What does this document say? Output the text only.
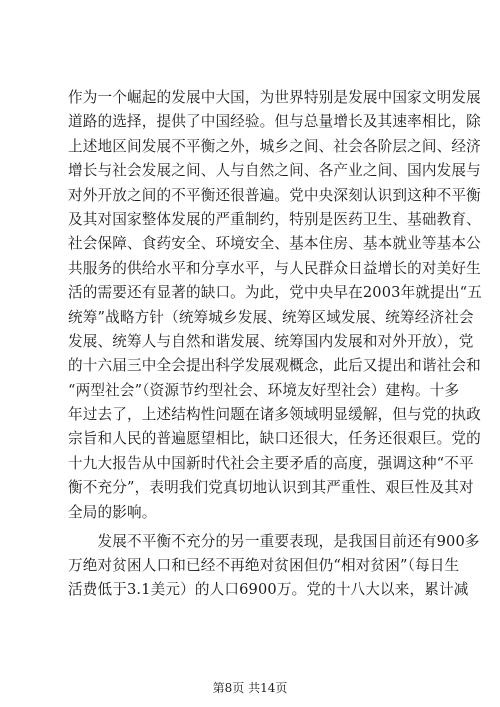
作为一个崛起的发展中大国，为世界特别是发展中国家文明发展
道路的选择，提供了中国经验。但与总量增长及其速率相比，除
上述地区间发展不平衡之外，城乡之间、社会各阶层之间、经济
增长与社会发展之间、人与自然之间、各产业之间、国内发展与
对外开放之间的不平衡还很普遍。党中央深刻认识到这种不平衡
及其对国家整体发展的严重制约，特别是医药卫生、基础教育、
社会保障、食药安全、环境安全、基本住房、基本就业等基本公
共服务的供给水平和分享水平，与人民群众日益增长的对美好生
活的需要还有显著的缺口。为此，党中央早在2003年就提出“五
统筹”战略方针（统筹城乡发展、统筹区域发展、统筹经济社会
发展、统筹人与自然和谐发展、统筹国内发展和对外开放），党
的十六届三中全会提出科学发展观概念，此后又提出和谐社会和
“两型社会”（资源节约型社会、环境友好型社会）建构。十多
年过去了，上述结构性问题在诸多领域明显缓解，但与党的执政
宗旨和人民的普遍愿望相比，缺口还很大，任务还很艰巨。党的
十九大报告从中国新时代社会主要矛盾的高度，强调这种“不平
衡不充分”，表明我们党真切地认识到其严重性、艰巨性及其对
全局的影响。
　　发展不平衡不充分的另一重要表现，是我国目前还有900多
万绝对贫困人口和已经不再绝对贫困但仍“相对贫困”（每日生
活费低于3.1美元）的人口6900万。党的十八大以来，累计减
第8页 共14页
